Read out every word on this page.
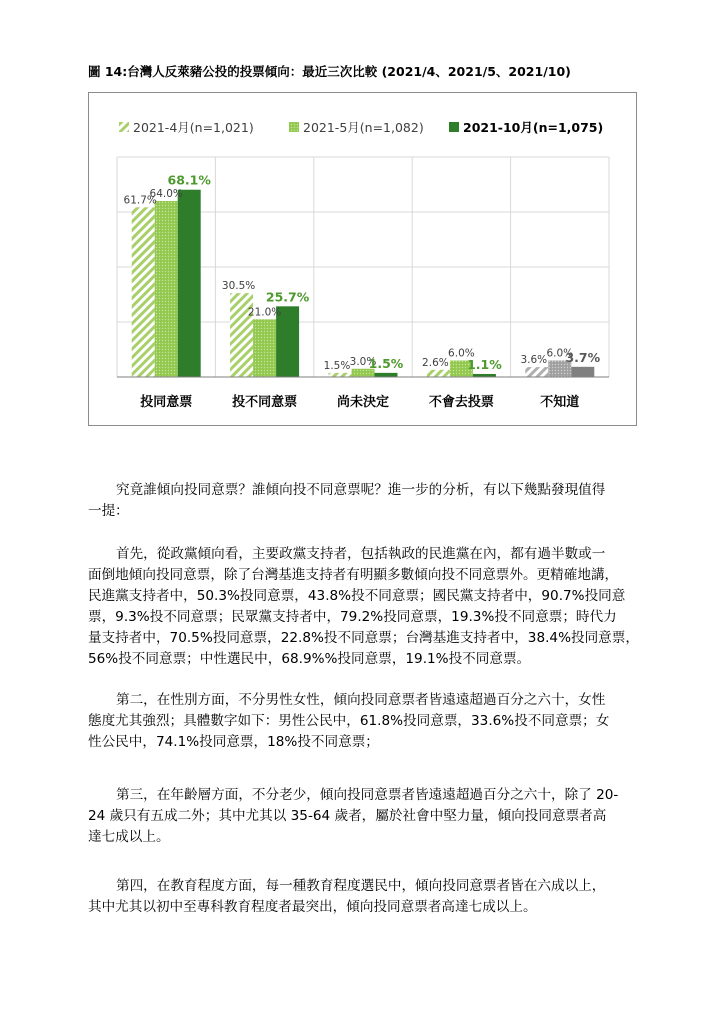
圖 14:台灣人反萊豬公投的投票傾向：最近三次比較 (2021/4、2021/5、2021/10)
61.7%
64.0%
68.1%
30.5%
21.0%
25.7%
1.5% 3.0%
1.5% 2.6%
6.0%
1.1% 3.6%
6.0%
3.7%
投同意票	投不同意票	尚未決定	不會去投票	不知道
2021-4月(n=1,021)	2021-5月(n=1,082)	2021-10月(n=1,075)
究竟誰傾向投同意票？誰傾向投不同意票呢？進一步的分析，有以下幾點發現值得
一提：
首先，從政黨傾向看，主要政黨支持者，包括執政的民進黨在內，都有過半數或一
面倒地傾向投同意票，除了台灣基進支持者有明顯多數傾向投不同意票外。更精確地講，
民進黨支持者中，50.3%投同意票，43.8%投不同意票；國民黨支持者中，90.7%投同意
票，9.3%投不同意票；民眾黨支持者中，79.2%投同意票，19.3%投不同意票；時代力
量支持者中，70.5%投同意票，22.8%投不同意票；台灣基進支持者中，38.4%投同意票，
56%投不同意票；中性選民中，68.9%%投同意票，19.1%投不同意票。
第二，在性別方面，不分男性女性，傾向投同意票者皆遠遠超過百分之六十，女性
態度尤其強烈；具體數字如下：男性公民中，61.8%投同意票，33.6%投不同意票；女
性公民中，74.1%投同意票，18%投不同意票；
第三，在年齡層方面，不分老少，傾向投同意票者皆遠遠超過百分之六十，除了 20-
24 歲只有五成二外；其中尤其以 35-64 歲者，屬於社會中堅力量，傾向投同意票者高
達七成以上。
第四，在教育程度方面，每一種教育程度選民中，傾向投同意票者皆在六成以上，
其中尤其以初中至專科教育程度者最突出，傾向投同意票者高達七成以上。
